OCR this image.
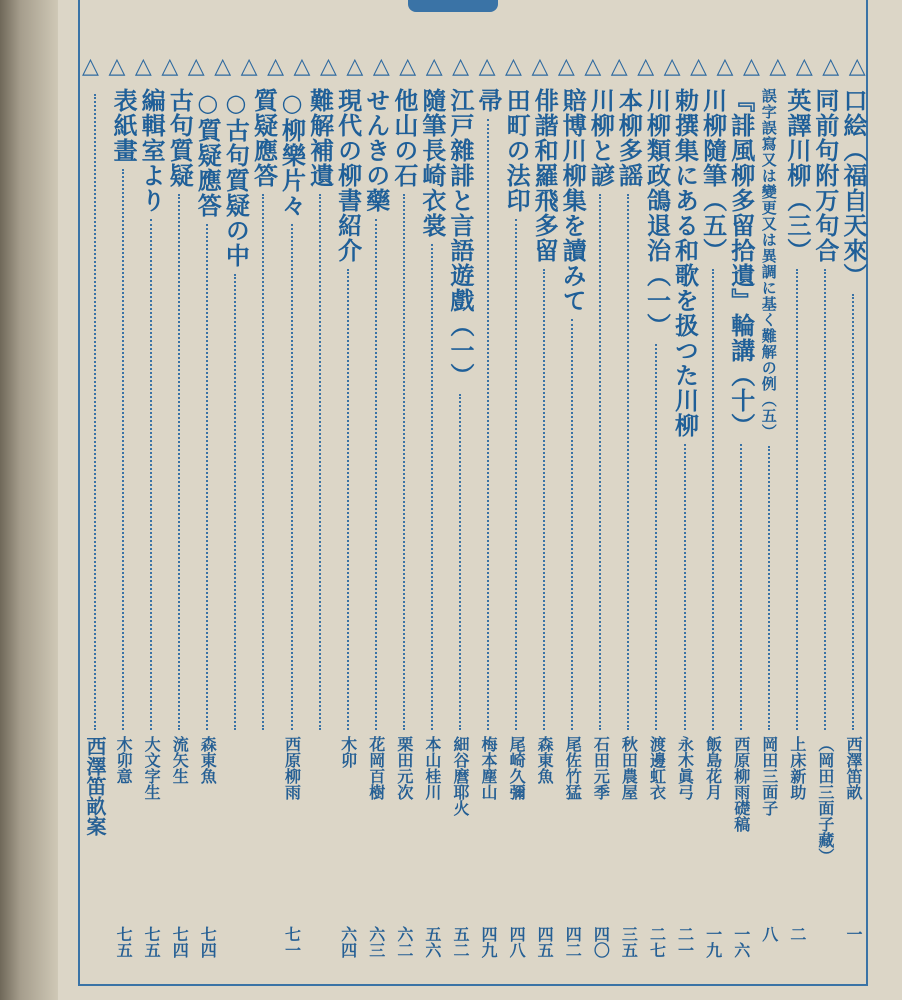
△ △ △ △ △ △ △ △ △ △ △ △ △ △ △ △ △ △ △ △ △ △ △ △ △ △ △ △ △ △
口絵（福自天來）
西澤笛畝
一
同前句附万句合
（岡田三面子藏）
英譯川柳（三）
上床新助
二
誤字誤寫又は變更又は異調に基く難解の例（五）
岡田三面子
八
『誹風柳多留拾遺』輪講（十）
西原柳雨礎稿
一六
川柳隨筆（五）
飯島花月
一九
勅撰集にある和歌を扱つた川柳
永木眞弓
二一
川柳類政鴿退治（一）
渡邊虹衣
二七
本柳多謡
秋田農屋
三五
川柳と諺
石田元季
四〇
賠博川柳集を讀みて
尾佐竹猛
四二
俳諧和羅飛多留
森東魚
四五
田町の法印
尾崎久彌
四八
帚
梅本塵山
四九
江戸雜誹と言語遊戲（一）
細谷麿耶火
五二
隨筆長崎衣裳
本山桂川
五六
他山の石
栗田元次
六二
せんきの藥
花岡百樹
六三
現代の柳書紹介
木卯
六四
難解補遺
○柳樂片々
西原柳雨
七一
質疑應答
○古句質疑の中
○質疑應答
森東魚
七四
古句質疑
流矢生
七四
編輯室より
大文字生
七五
表紙畫
木卯意
七五
西澤笛畝案
